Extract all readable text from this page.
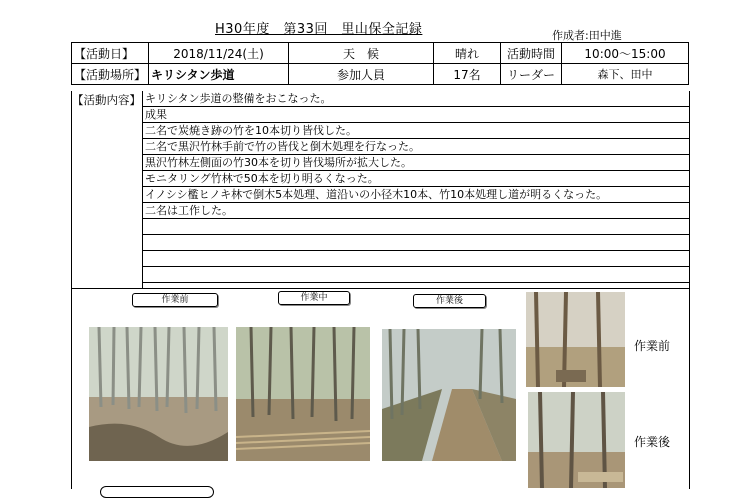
H30年度　第33回　里山保全記録	作成者:田中進
【活動日】	2018/11/24(土)	天　候	晴れ	活動時間	10:00〜15:00
【活動場所】	キリシタン歩道	参加人員	17名	リーダー	森下、田中
【活動内容】 キリシタン歩道の整備をおこなった。
成果
二名で炭焼き跡の竹を10本切り皆伐した。
二名で黒沢竹林手前で竹の皆伐と倒木処理を行なった。
黒沢竹林左側面の竹30本を切り皆伐場所が拡大した。
モニタリング竹林で50本を切り明るくなった。
イノシシ檻ヒノキ林で倒木5本処理、道沿いの小径木10本、竹10本処理し道が明るくなった。
二名は工作した。
作業前	作業中	作業後
作業前
作業後
